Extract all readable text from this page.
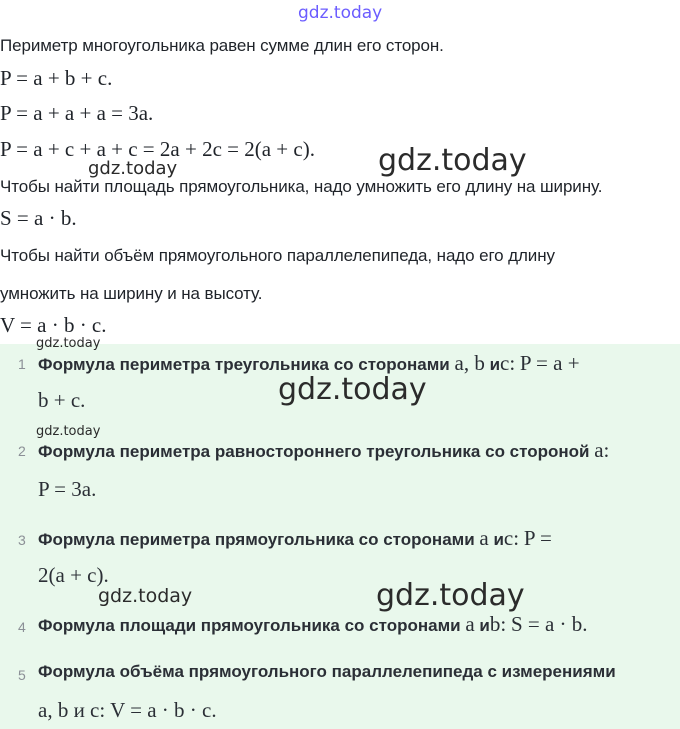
gdz.today
Периметр многоугольника равен сумме длин его сторон.
P = a + b + c.
P = a + a + a = 3a.
P = a + c + a + c = 2a + 2c = 2(a + c).
gdz.today	gdz.today
Чтобы найти площадь прямоугольника, надо умножить его длину на ширину.
S = a · b.
Чтобы найти объём прямоугольного параллелепипеда, надо его длину
умножить на ширину и на высоту.
V = a · b · c.
gdz.today
1 Формула периметра треугольника со сторонами a, b иc: P = a +
b + c.	gdz.today
gdz.today
2 Формула периметра равностороннего треугольника со стороной a:
P = 3a.
3 Формула периметра прямоугольника со сторонами a иc: P =
2(a + c).
gdz.today	gdz.today
4 Формула площади прямоугольника со сторонами a иb: S = a · b.
5 Формула объёма прямоугольного параллелепипеда с измерениями
a, b и c: V = a · b · c.
